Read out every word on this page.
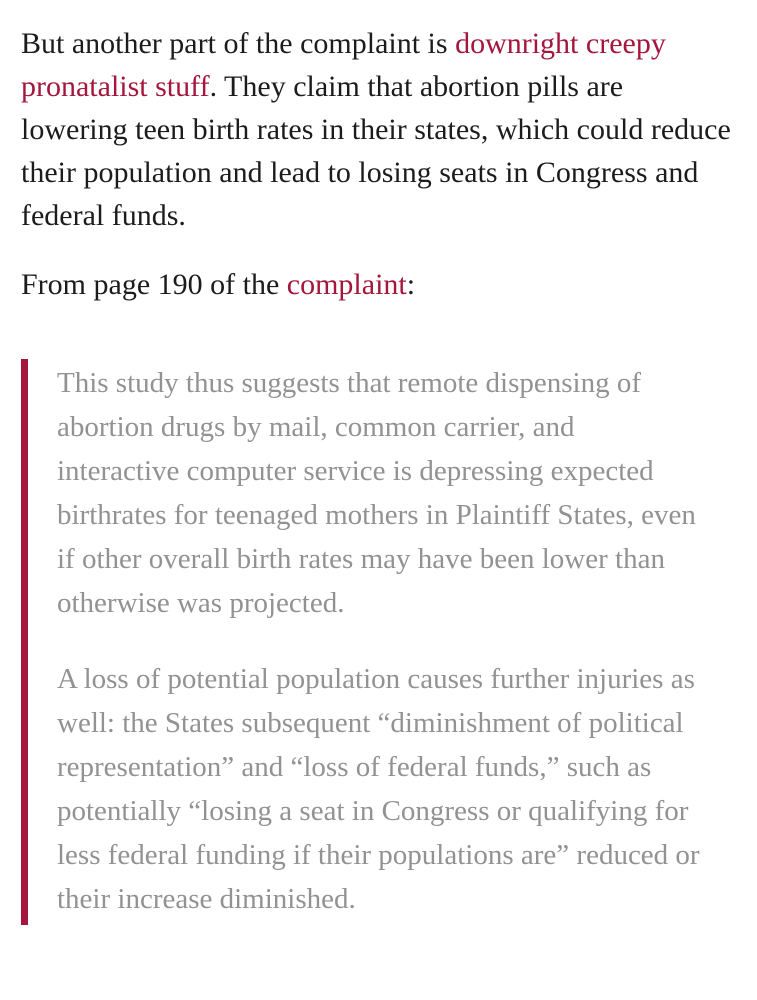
But another part of the complaint is downright creepy pronatalist stuff. They claim that abortion pills are lowering teen birth rates in their states, which could reduce their population and lead to losing seats in Congress and federal funds.

From page 190 of the complaint:

This study thus suggests that remote dispensing of abortion drugs by mail, common carrier, and interactive computer service is depressing expected birthrates for teenaged mothers in Plaintiff States, even if other overall birth rates may have been lower than otherwise was projected.

A loss of potential population causes further injuries as well: the States subsequent “diminishment of political representation” and “loss of federal funds,” such as potentially “losing a seat in Congress or qualifying for less federal funding if their populations are” reduced or their increase diminished.
